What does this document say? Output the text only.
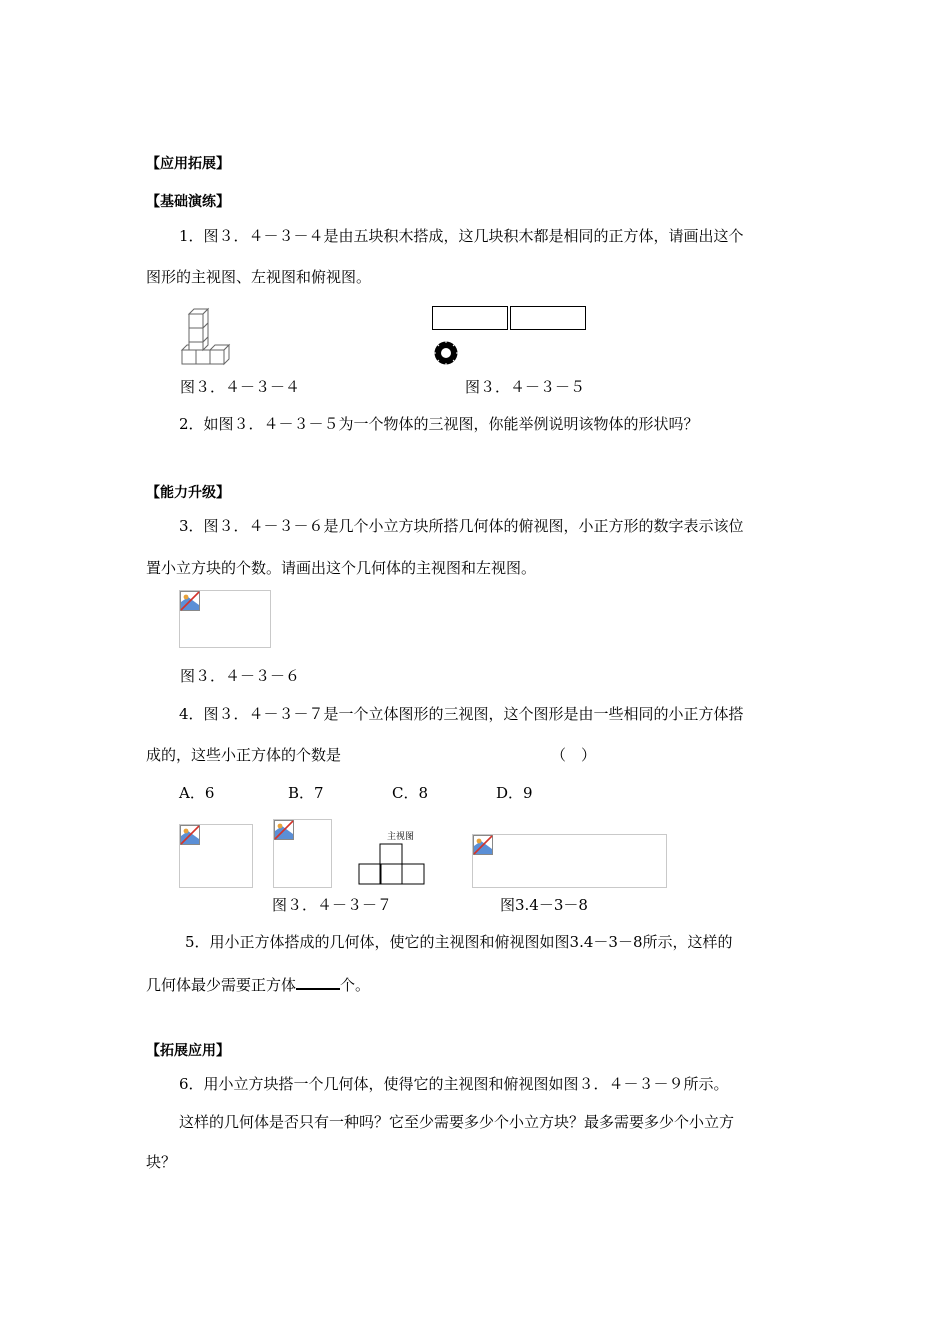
【应用拓展】
【基础演练】
1．图３．４－３－４是由五块积木搭成，这几块积木都是相同的正方体，请画出这个
图形的主视图、左视图和俯视图。
图３．４－３－４	图３．４－３－５
2．如图３．４－３－５为一个物体的三视图，你能举例说明该物体的形状吗？
【能力升级】
3．图３．４－３－６是几个小立方块所搭几何体的俯视图，小正方形的数字表示该位
置小立方块的个数。请画出这个几何体的主视图和左视图。
图３．４－３－６
4．图３．４－３－７是一个立体图形的三视图，这个图形是由一些相同的小正方体搭
成的，这些小正方体的个数是	（　）
A．6	B．7	C．8	D．9
主视图
图３．４－３－７	图3.4－3－8
5．用小正方体搭成的几何体，使它的主视图和俯视图如图3.4－3－8所示，这样的
几何体最少需要正方体	个。
【拓展应用】
6．用小立方块搭一个几何体，使得它的主视图和俯视图如图３．４－３－９所示。
这样的几何体是否只有一种吗？它至少需要多少个小立方块？最多需要多少个小立方
块？
